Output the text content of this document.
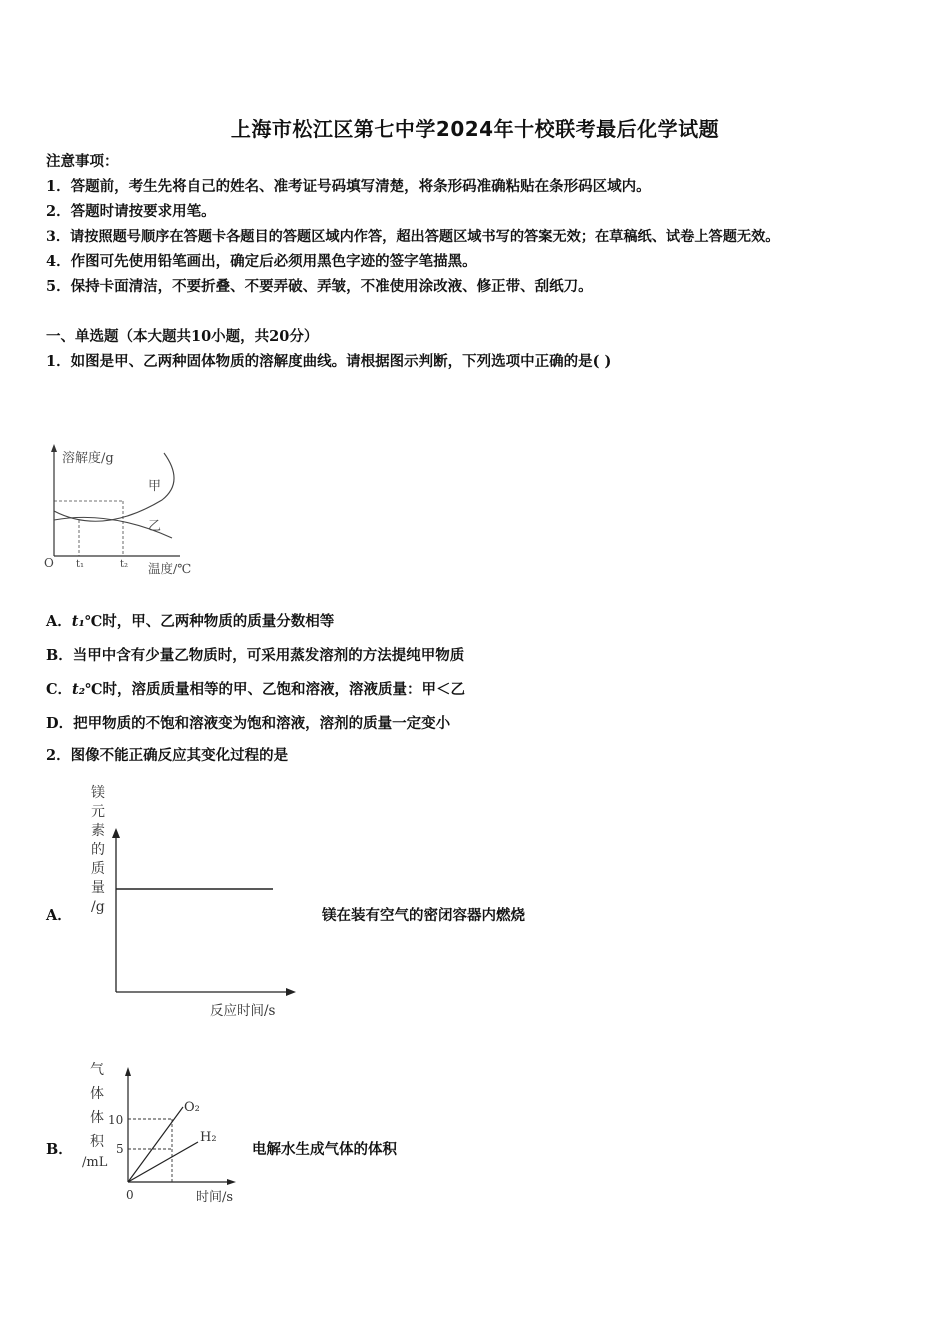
上海市松江区第七中学2024年十校联考最后化学试题
注意事项：
1．答题前，考生先将自己的姓名、准考证号码填写清楚，将条形码准确粘贴在条形码区域内。
2．答题时请按要求用笔。
3．请按照题号顺序在答题卡各题目的答题区域内作答，超出答题区域书写的答案无效；在草稿纸、试卷上答题无效。
4．作图可先使用铅笔画出，确定后必须用黑色字迹的签字笔描黑。
5．保持卡面清洁，不要折叠、不要弄破、弄皱，不准使用涂改液、修正带、刮纸刀。
一、单选题（本大题共10小题，共20分）
1．如图是甲、乙两种固体物质的溶解度曲线。请根据图示判断，下列选项中正确的是( )
溶解度/g
温度/℃
O t₁	t₂
甲
乙
A．t₁℃时，甲、乙两种物质的质量分数相等
B．当甲中含有少量乙物质时，可采用蒸发溶剂的方法提纯甲物质
C．t₂℃时，溶质质量相等的甲、乙饱和溶液，溶液质量：甲＜乙
D．把甲物质的不饱和溶液变为饱和溶液，溶剂的质量一定变小
2．图像不能正确反应其变化过程的是
A．
镁
元
素
的
质
量
/g
反应时间/s
镁在装有空气的密闭容器内燃烧
B．
气
体
体
积
/mL
0
10
5
O₂
H₂
时间/s
电解水生成气体的体积
